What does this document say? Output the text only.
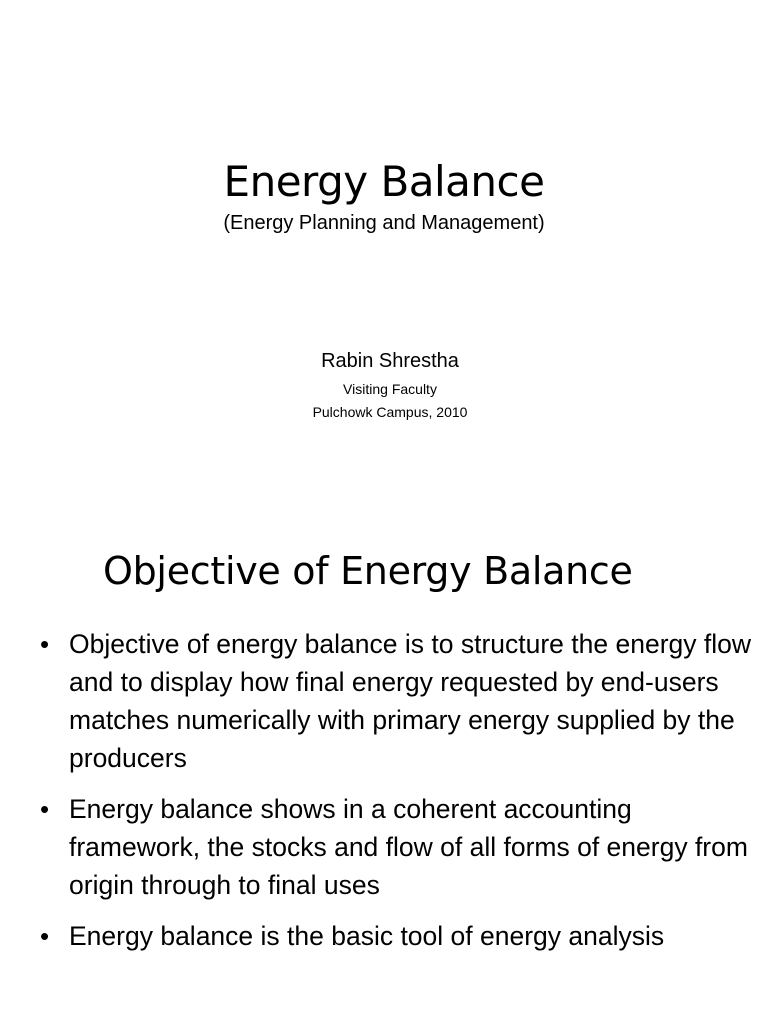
Energy Balance
(Energy Planning and Management)
Rabin Shrestha
Visiting Faculty
Pulchowk Campus, 2010
Objective of Energy Balance
• Objective of energy balance is to structure the energy flow and to display how final energy requested by end-users matches numerically with primary energy supplied by the producers
• Energy balance shows in a coherent accounting framework, the stocks and flow of all forms of energy from origin through to final uses
• Energy balance is the basic tool of energy analysis
